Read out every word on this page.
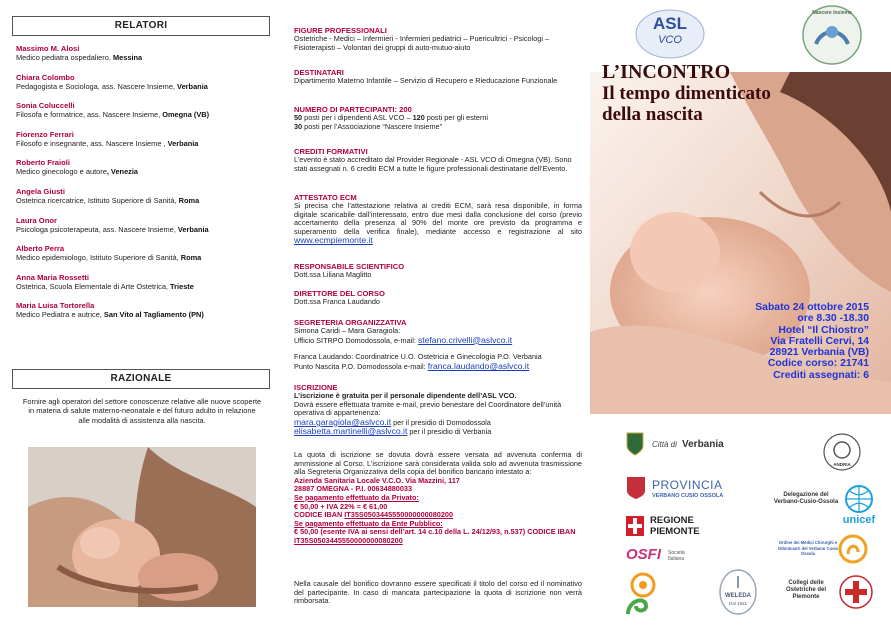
RELATORI
Massimo M. Alosi
Medico pediatra ospedaliero, Messina
Chiara Colombo
Pedagogista e Sociologa, ass. Nascere Insieme, Verbania
Sonia Coluccelli
Filosofa e formatrice, ass. Nascere Insieme, Omegna (VB)
Fiorenzo Ferrari
Filosofo e insegnante, ass. Nascere Insieme , Verbania
Roberto Fraioli
Medico ginecologo e autore, Venezia
Angela Giusti
Ostetrica ricercatrice, Istituto Superiore di Sanità, Roma
Laura Onor
Psicologa psicoterapeuta, ass. Nascere Insieme, Verbania
Alberto Perra
Medico epidemiologo, Istituto Superiore di Sanità, Roma
Anna Maria Rossetti
Ostetrica, Scuola Elementale di Arte Ostetrica, Trieste
Maria Luisa Tortorella
Medico Pediatra e autrice, San Vito al Tagliamento (PN)
RAZIONALE
Fornire agli operatori del settore conoscenze relative alle nuove scoperte in materia di salute materno-neonatale e del futuro adulto in relazione alle modalità di assistenza alla nascita.
FIGURE PROFESSIONALI
Ostetriche - Medici – Infermieri - Infermieri pediatrici – Puericultrici - Psicologi – Fisioterapisti – Volontari dei gruppi di auto-mutuo-aiuto
DESTINATARI
Dipartimento Materno Infantile – Servizio di Recupero e Rieducazione Funzionale
NUMERO DI PARTECIPANTI: 200
50 posti per i dipendenti ASL VCO – 120 posti per gli esterni
30 posti per l’Associazione “Nascere Insieme”
CREDITI FORMATIVI
L’evento è stato accreditato dal Provider Regionale - ASL VCO di Omegna (VB). Sono stati assegnati n. 6 crediti ECM a tutte le figure professionali destinatarie dell’Evento.
ATTESTATO ECM
Si precisa che l’attestazione relativa ai crediti ECM, sarà resa disponibile, in forma digitale scaricabile dall’interessato, entro due mesi dalla conclusione del corso (previo accertamento della presenza al 90% del monte ore previsto da programma e superamento della verifica finale), mediante accesso e registrazione al sito www.ecmpiemonte.it
RESPONSABILE SCIENTIFICO
Dott.ssa Liliana Maglitto
DIRETTORE DEL CORSO
Dott.ssa Franca Laudando
SEGRETERIA ORGANIZZATIVA
Simona Caridi – Mara Garagiola:
Ufficio SITRPO Domodossola, e-mail: stefano.crivelli@aslvco.it
Franca Laudando: Coordinatrice U.O. Ostetricia e Ginecologia P.O. Verbania
Punto Nascita P.O. Domodossola e-mail: franca.laudando@aslvco.it
ISCRIZIONE
L’iscrizione è gratuita per il personale dipendente dell’ASL VCO.
Dovrà essere effettuata tramite e-mail, previo benestare del Coordinatore dell’unità operativa di appartenenza:
mara.garagiola@aslvco.it per il presidio di Domodossola
elisabetta.martinelli@aslvco.it per il presidio di Verbania
La quota di iscrizione se dovuta dovrà essere versata ad avvenuta conferma di ammissione al Corso. L’iscrizione sarà considerata valida solo ad avvenuta trasmissione alla Segreteria Organizzativa della copia del bonifico bancario intestato a:
Azienda Sanitaria Locale V.C.O. Via Mazzini, 117
28887 OMEGNA - P.I. 00634880033
Se pagamento effettuato da Privato:
€ 50,00 + IVA 22% = € 61,00
CODICE IBAN IT35S0503445550000000080200
Se pagamento effettuato da Ente Pubblico:
€ 50,00 (esente IVA ai sensi dell’art. 14 c.10 della L. 24/12/93, n.537) CODICE IBAN IT35S0503445550000000080200
Nella causale del bonifico dovranno essere specificati il titolo del corso ed il nominativo del partecipante. In caso di mancata partecipazione la quota di iscrizione non verrà rimborsata.
ASL
VCO
Nascere Insieme
L’INCONTRO
Il tempo dimenticato
della nascita
Sabato 24 ottobre 2015
ore 8.30 -18.30
Hotel “Il Chiostro”
Via Fratelli Cervi, 14
28921 Verbania (VB)
Codice corso: 21741
Crediti assegnati: 6
Città di Verbania
PROVINCIA
VERBANO CUSIO OSSOLA
REGIONE
PIEMONTE
OSFI Società Italiana
WELEDA
Dal 1921
ANDRIA
Delegazione del Verbano-Cusio-Ossola
unicef
Ordine dei Medici Chirurghi e Odontoiatri del Verbano Cusio Ossola
Collegi delle Ostetriche del Piemonte
